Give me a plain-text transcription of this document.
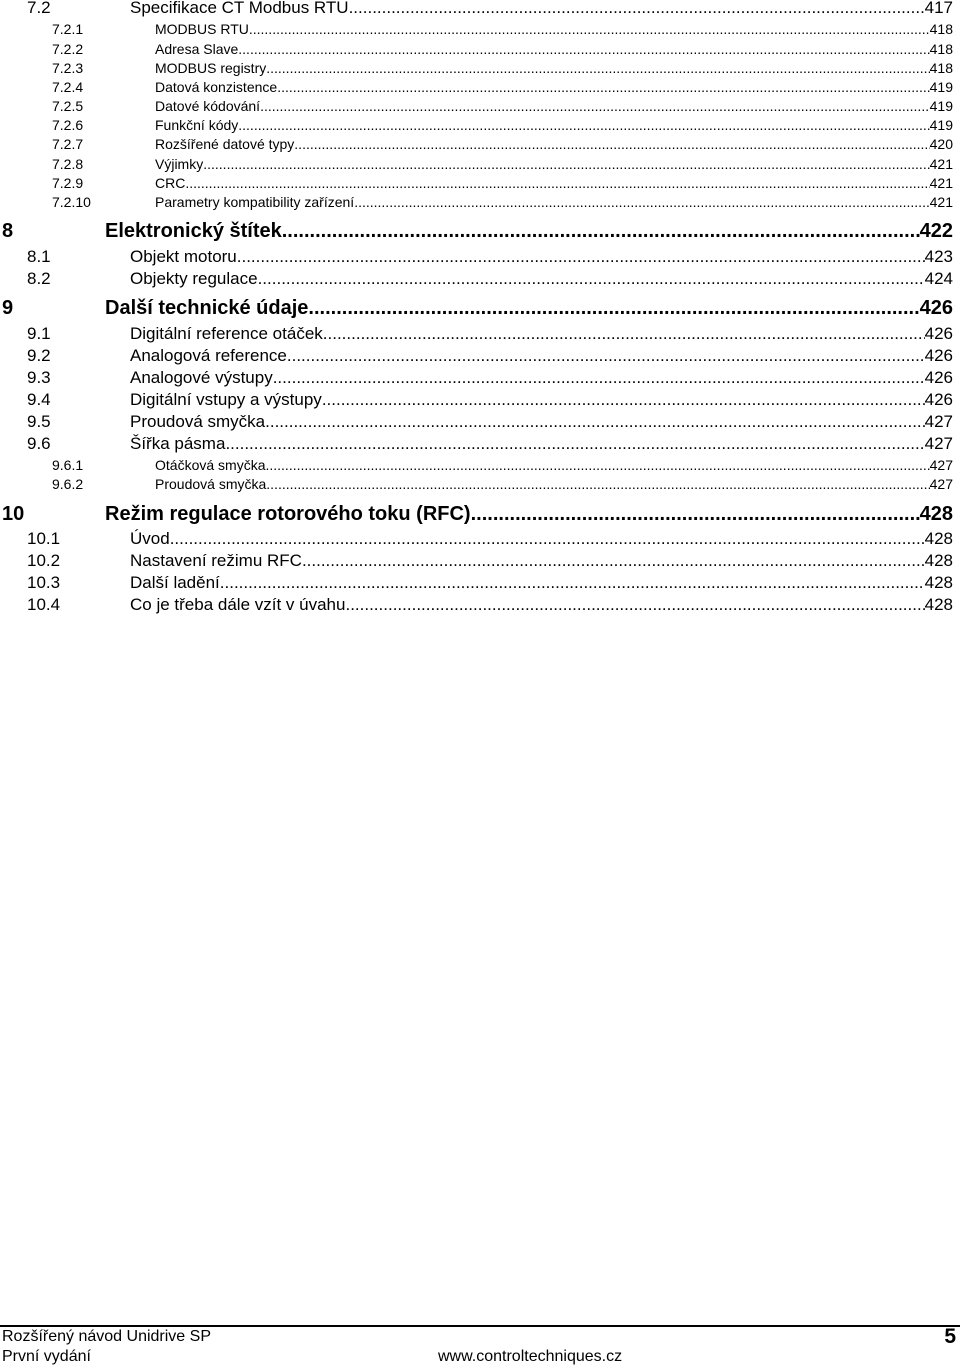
7.2	Specifikace CT Modbus RTU .....	417
7.2.1	MODBUS RTU .....	418
7.2.2	Adresa Slave .....	418
7.2.3	MODBUS registry .....	418
7.2.4	Datová konzistence .....	419
7.2.5	Datové kódování .....	419
7.2.6	Funkční kódy .....	419
7.2.7	Rozšířené datové typy .....	420
7.2.8	Výjimky .....	421
7.2.9	CRC .....	421
7.2.10	Parametry kompatibility zařízení .....	421
8	Elektronický štítek .....	422
8.1	Objekt motoru .....	423
8.2	Objekty regulace .....	424
9	Další technické údaje .....	426
9.1	Digitální reference otáček .....	426
9.2	Analogová reference .....	426
9.3	Analogové výstupy .....	426
9.4	Digitální vstupy a výstupy .....	426
9.5	Proudová smyčka .....	427
9.6	Šířka pásma .....	427
9.6.1	Otáčková smyčka .....	427
9.6.2	Proudová smyčka .....	427
10	Režim regulace rotorového toku (RFC) .....	428
10.1	Úvod .....	428
10.2	Nastavení režimu RFC .....	428
10.3	Další ladění .....	428
10.4	Co je třeba dále vzít v úvahu .....	428
Rozšířený návod Unidrive SP
První vydání
5
www.controltechniques.cz
